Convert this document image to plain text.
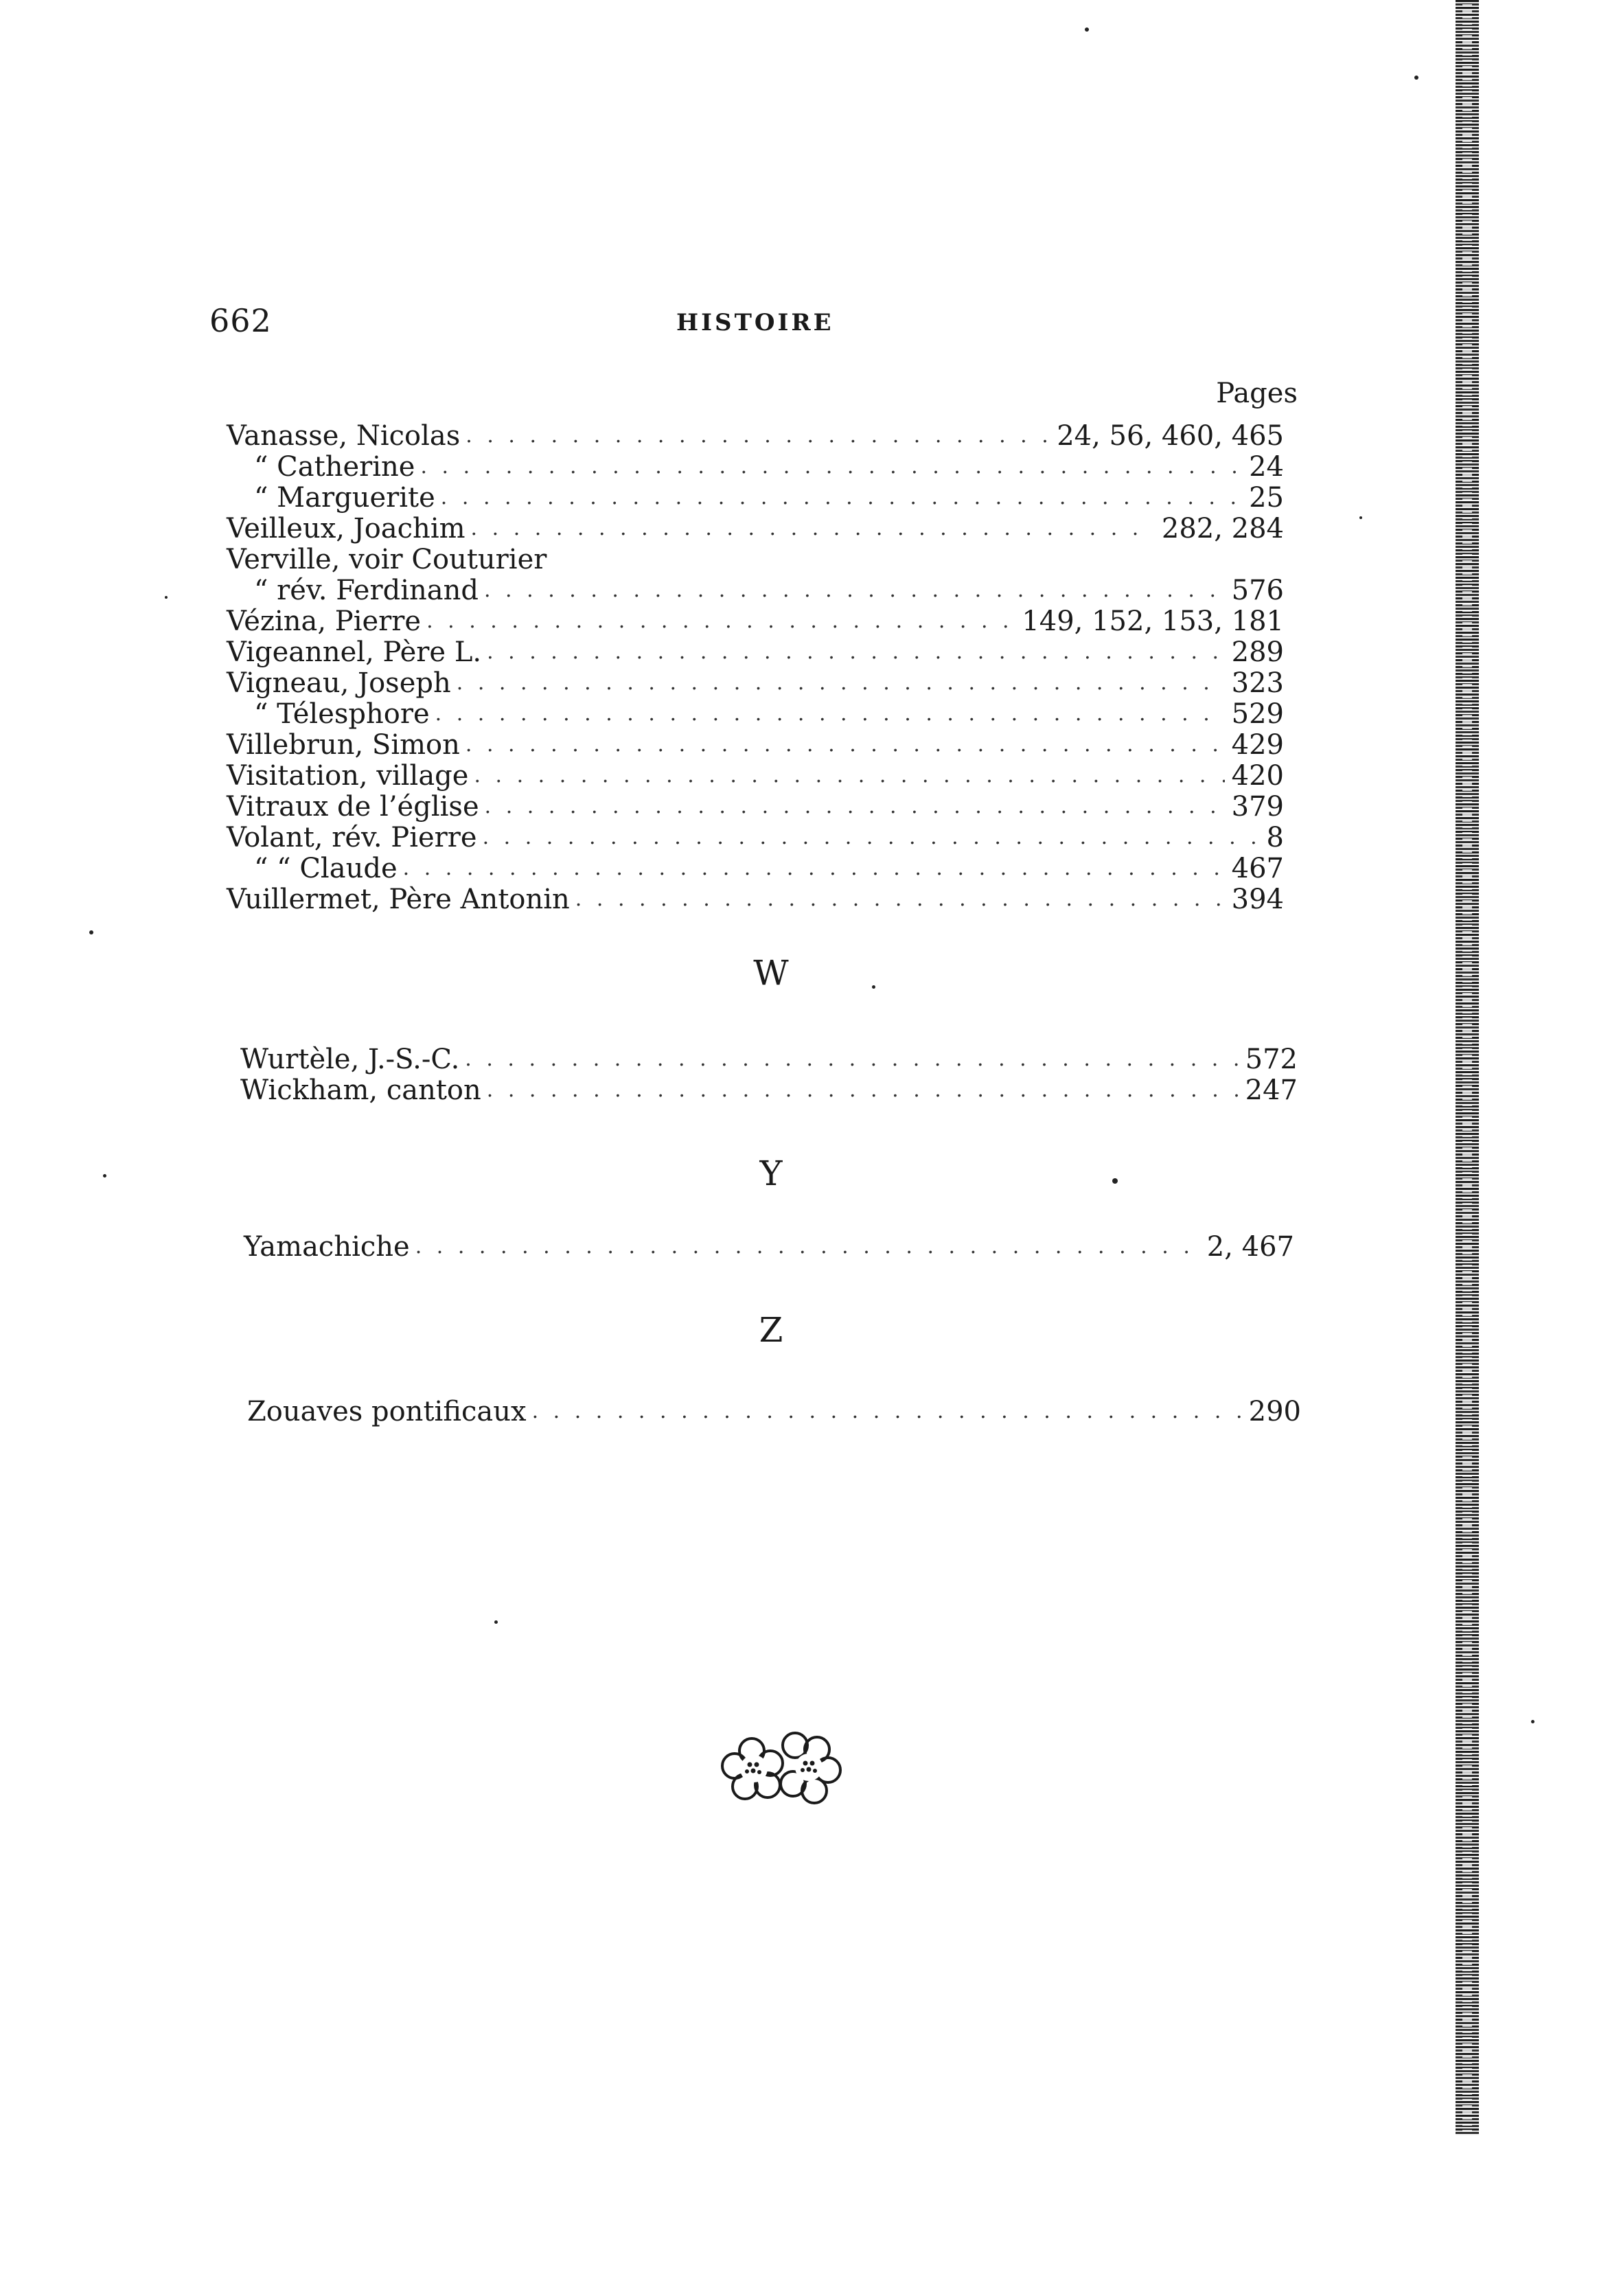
662	HISTOIRE
Pages
Vanasse, Nicolas . . .	24, 56, 460, 465
“ Catherine . . .	24
“ Marguerite . . .	25
Veilleux, Joachim . . .	282, 284
Verville, voir Couturier
“ rév. Ferdinand . . .	576
Vézina, Pierre . . .	149, 152, 153, 181
Vigeannel, Père L. . . .	289
Vigneau, Joseph . . .	323
“ Télesphore . . .	529
Villebrun, Simon . . .	429
Visitation, village . . .	420
Vitraux de l’église . . .	379
Volant, rév. Pierre . . .	8
“ “ Claude . . .	467
Vuillermet, Père Antonin . . .	394
W
Wurtèle, J.-S.-C. . . .	572
Wickham, canton . . .	247
Y
Yamachiche . . .	2, 467
Z
Zouaves pontificaux . . .	290
